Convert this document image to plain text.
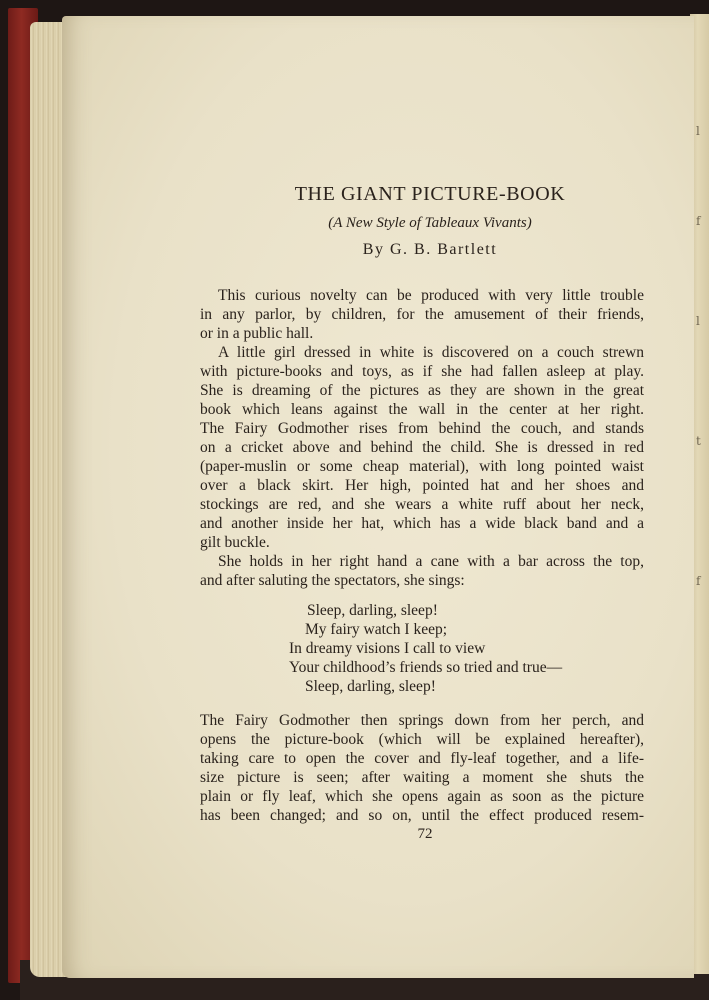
l
f
l
t
f
THE GIANT PICTURE-BOOK
(A New Style of Tableaux Vivants)
By G. B. Bartlett
This curious novelty can be produced with very little trouble
in any parlor, by children, for the amusement of their friends,
or in a public hall.
A little girl dressed in white is discovered on a couch strewn
with picture-books and toys, as if she had fallen asleep at play.
She is dreaming of the pictures as they are shown in the great
book which leans against the wall in the center at her right.
The Fairy Godmother rises from behind the couch, and stands
on a cricket above and behind the child. She is dressed in red
(paper-muslin or some cheap material), with long pointed waist
over a black skirt. Her high, pointed hat and her shoes and
stockings are red, and she wears a white ruff about her neck,
and another inside her hat, which has a wide black band and a
gilt buckle.
She holds in her right hand a cane with a bar across the top,
and after saluting the spectators, she sings:
Sleep, darling, sleep!
My fairy watch I keep;
In dreamy visions I call to view
Your childhood’s friends so tried and true—
Sleep, darling, sleep!
The Fairy Godmother then springs down from her perch, and
opens the picture-book (which will be explained hereafter),
taking care to open the cover and fly-leaf together, and a life-
size picture is seen; after waiting a moment she shuts the
plain or fly leaf, which she opens again as soon as the picture
has been changed; and so on, until the effect produced resem-
72
